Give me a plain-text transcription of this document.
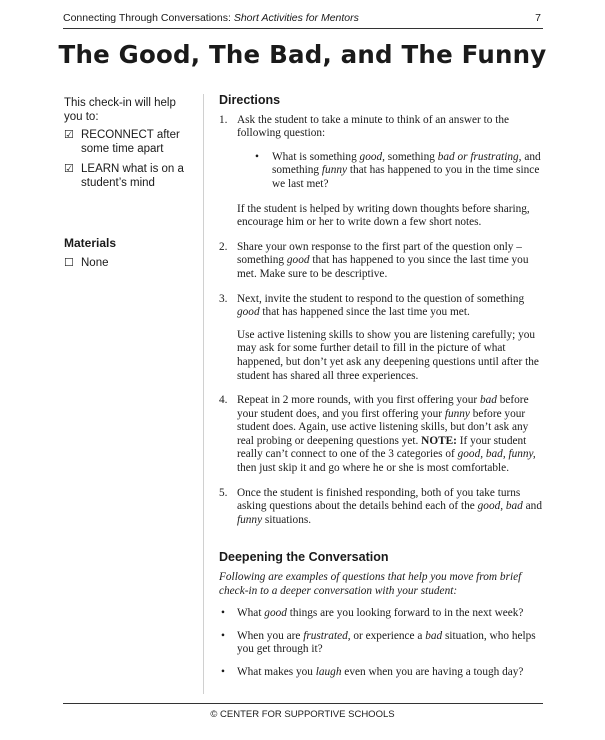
Connecting Through Conversations: Short Activities for Mentors	7
The Good, The Bad, and The Funny

This check-in will help you to:

☑ RECONNECT after some time apart
☑ LEARN what is on a student’s mind
Materials
☐ None
Directions
1. Ask the student to take a minute to think of an answer to the following question:

• What is something good, something bad or frustrating, and something funny that has happened to you in the time since we last met?

If the student is helped by writing down thoughts before sharing, encourage him or her to write down a few short notes.

2. Share your own response to the first part of the question only – something good that has happened to you since the last time you met. Make sure to be descriptive.

3. Next, invite the student to respond to the question of something good that has happened since the last time you met.

Use active listening skills to show you are listening carefully; you may ask for some further detail to fill in the picture of what happened, but don’t yet ask any deepening questions until after the student has shared all three experiences.

4. Repeat in 2 more rounds, with you first offering your bad before your student does, and you first offering your funny before your student does. Again, use active listening skills, but don’t ask any real probing or deepening questions yet. NOTE: If your student really can’t connect to one of the 3 categories of good, bad, funny, then just skip it and go where he or she is most comfortable.

5. Once the student is finished responding, both of you take turns asking questions about the details behind each of the good, bad and funny situations.

Deepening the Conversation

Following are examples of questions that help you move from brief check-in to a deeper conversation with your student:

• What good things are you looking forward to in the next week?
• When you are frustrated, or experience a bad situation, who helps you get through it?
• What makes you laugh even when you are having a tough day?
© CENTER FOR SUPPORTIVE SCHOOLS
